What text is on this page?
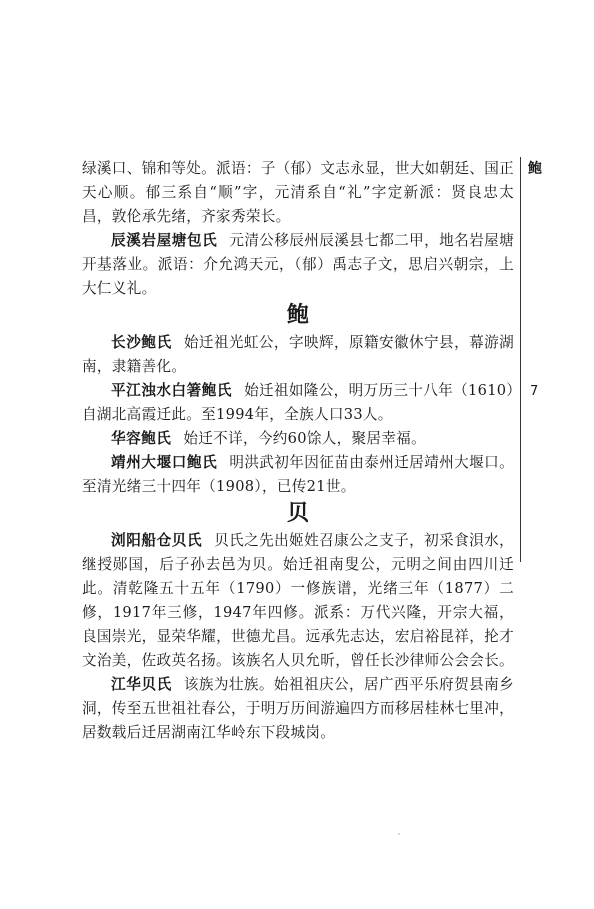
鲍
7

绿溪口、锦和等处。派语：子（郁）文志永显，世大如朝廷、国正天心顺。郁三系自“顺”字，元清系自“礼”字定新派：贤良忠太昌，敦伦承先绪，齐家秀荣长。

辰溪岩屋塘包氏 元清公移辰州辰溪县七都二甲，地名岩屋塘开基落业。派语：介允鸿天元，（郁）禹志子文，思启兴朝宗，上大仁义礼。

鲍

长沙鲍氏 始迁祖光虹公，字映辉，原籍安徽休宁县，幕游湖南，隶籍善化。

平江浊水白箸鲍氏 始迁祖如隆公，明万历三十八年（1610）自湖北高霞迁此。至1994年，全族人口33人。

华容鲍氏 始迁不详，今约60馀人，聚居幸福。

靖州大堰口鲍氏 明洪武初年因征苗由泰州迁居靖州大堰口。至清光绪三十四年（1908），已传21世。

贝

浏阳船仓贝氏 贝氏之先出姬姓召康公之支子，初采食浿水，继授郧国，后子孙去邑为贝。始迁祖南叟公，元明之间由四川迁此。清乾隆五十五年（1790）一修族谱，光绪三年（1877）二修，1917年三修，1947年四修。派系：万代兴隆，开宗大福，良国崇光，显荣华耀，世德尤昌。远承先志达，宏启裕昆祥，抡才文治美，佐政英名扬。该族名人贝允昕，曾任长沙律师公会会长。

江华贝氏 该族为壮族。始祖祖庆公，居广西平乐府贺县南乡洞，传至五世祖社春公，于明万历间游遍四方而移居桂林七里冲，居数载后迁居湖南江华岭东下段城岗。
